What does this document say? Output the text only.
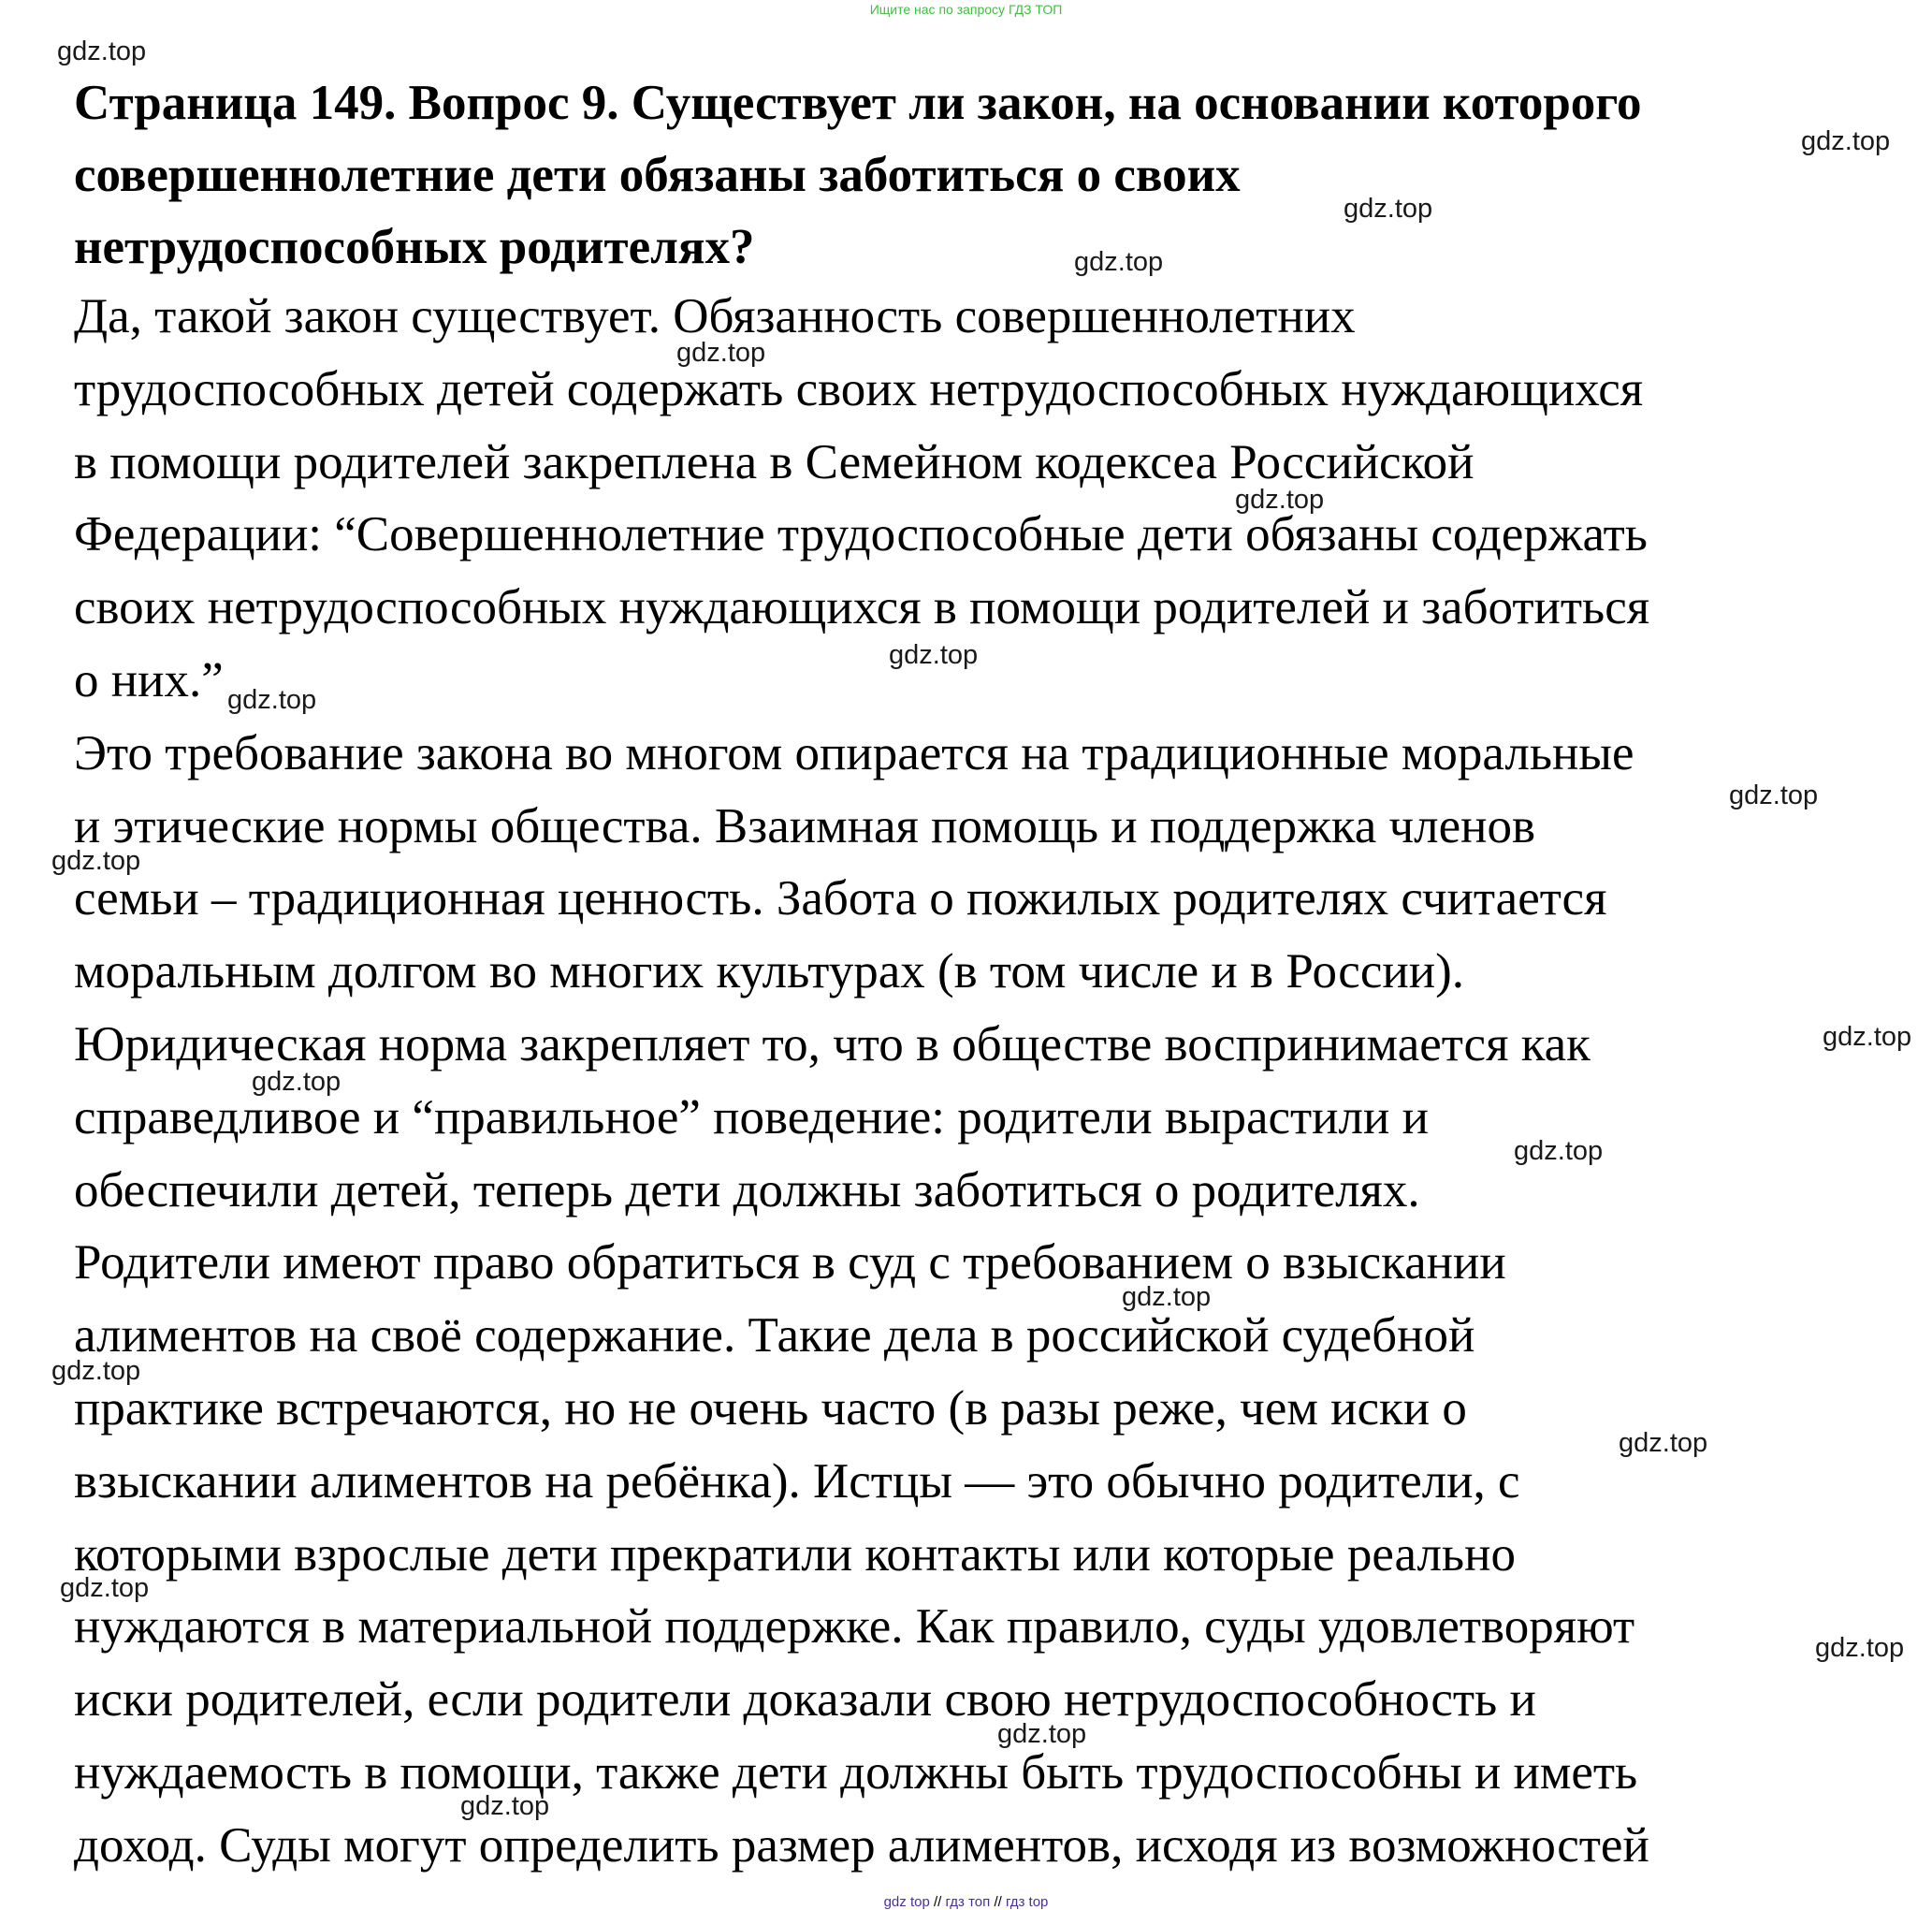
Ищите нас по запросу ГДЗ ТОП
Страница 149. Вопрос 9. Существует ли закон, на основании которого
совершеннолетние дети обязаны заботиться о своих
нетрудоспособных родителях?
Да, такой закон существует. Обязанность совершеннолетних
трудоспособных детей содержать своих нетрудоспособных нуждающихся
в помощи родителей закреплена в Семейном кодексеа Российской
Федерации: “Совершеннолетние трудоспособные дети обязаны содержать
своих нетрудоспособных нуждающихся в помощи родителей и заботиться
о них.”
Это требование закона во многом опирается на традиционные моральные
и этические нормы общества. Взаимная помощь и поддержка членов
семьи – традиционная ценность. Забота о пожилых родителях считается
моральным долгом во многих культурах (в том числе и в России).
Юридическая норма закрепляет то, что в обществе воспринимается как
справедливое и “правильное” поведение: родители вырастили и
обеспечили детей, теперь дети должны заботиться о родителях.
Родители имеют право обратиться в суд с требованием о взыскании
алиментов на своё содержание. Такие дела в российской судебной
практике встречаются, но не очень часто (в разы реже, чем иски о
взыскании алиментов на ребёнка). Истцы — это обычно родители, с
которыми взрослые дети прекратили контакты или которые реально
нуждаются в материальной поддержке. Как правило, суды удовлетворяют
иски родителей, если родители доказали свою нетрудоспособность и
нуждаемость в помощи, также дети должны быть трудоспособны и иметь
доход. Суды могут определить размер алиментов, исходя из возможностей
gdz.top
gdz.top
gdz.top
gdz.top
gdz.top
gdz.top
gdz.top
gdz.top
gdz.top
gdz.top
gdz.top
gdz.top
gdz.top
gdz.top
gdz.top
gdz.top
gdz.top
gdz.top
gdz.top
gdz.top
gdz top // гдз топ // гдз top
